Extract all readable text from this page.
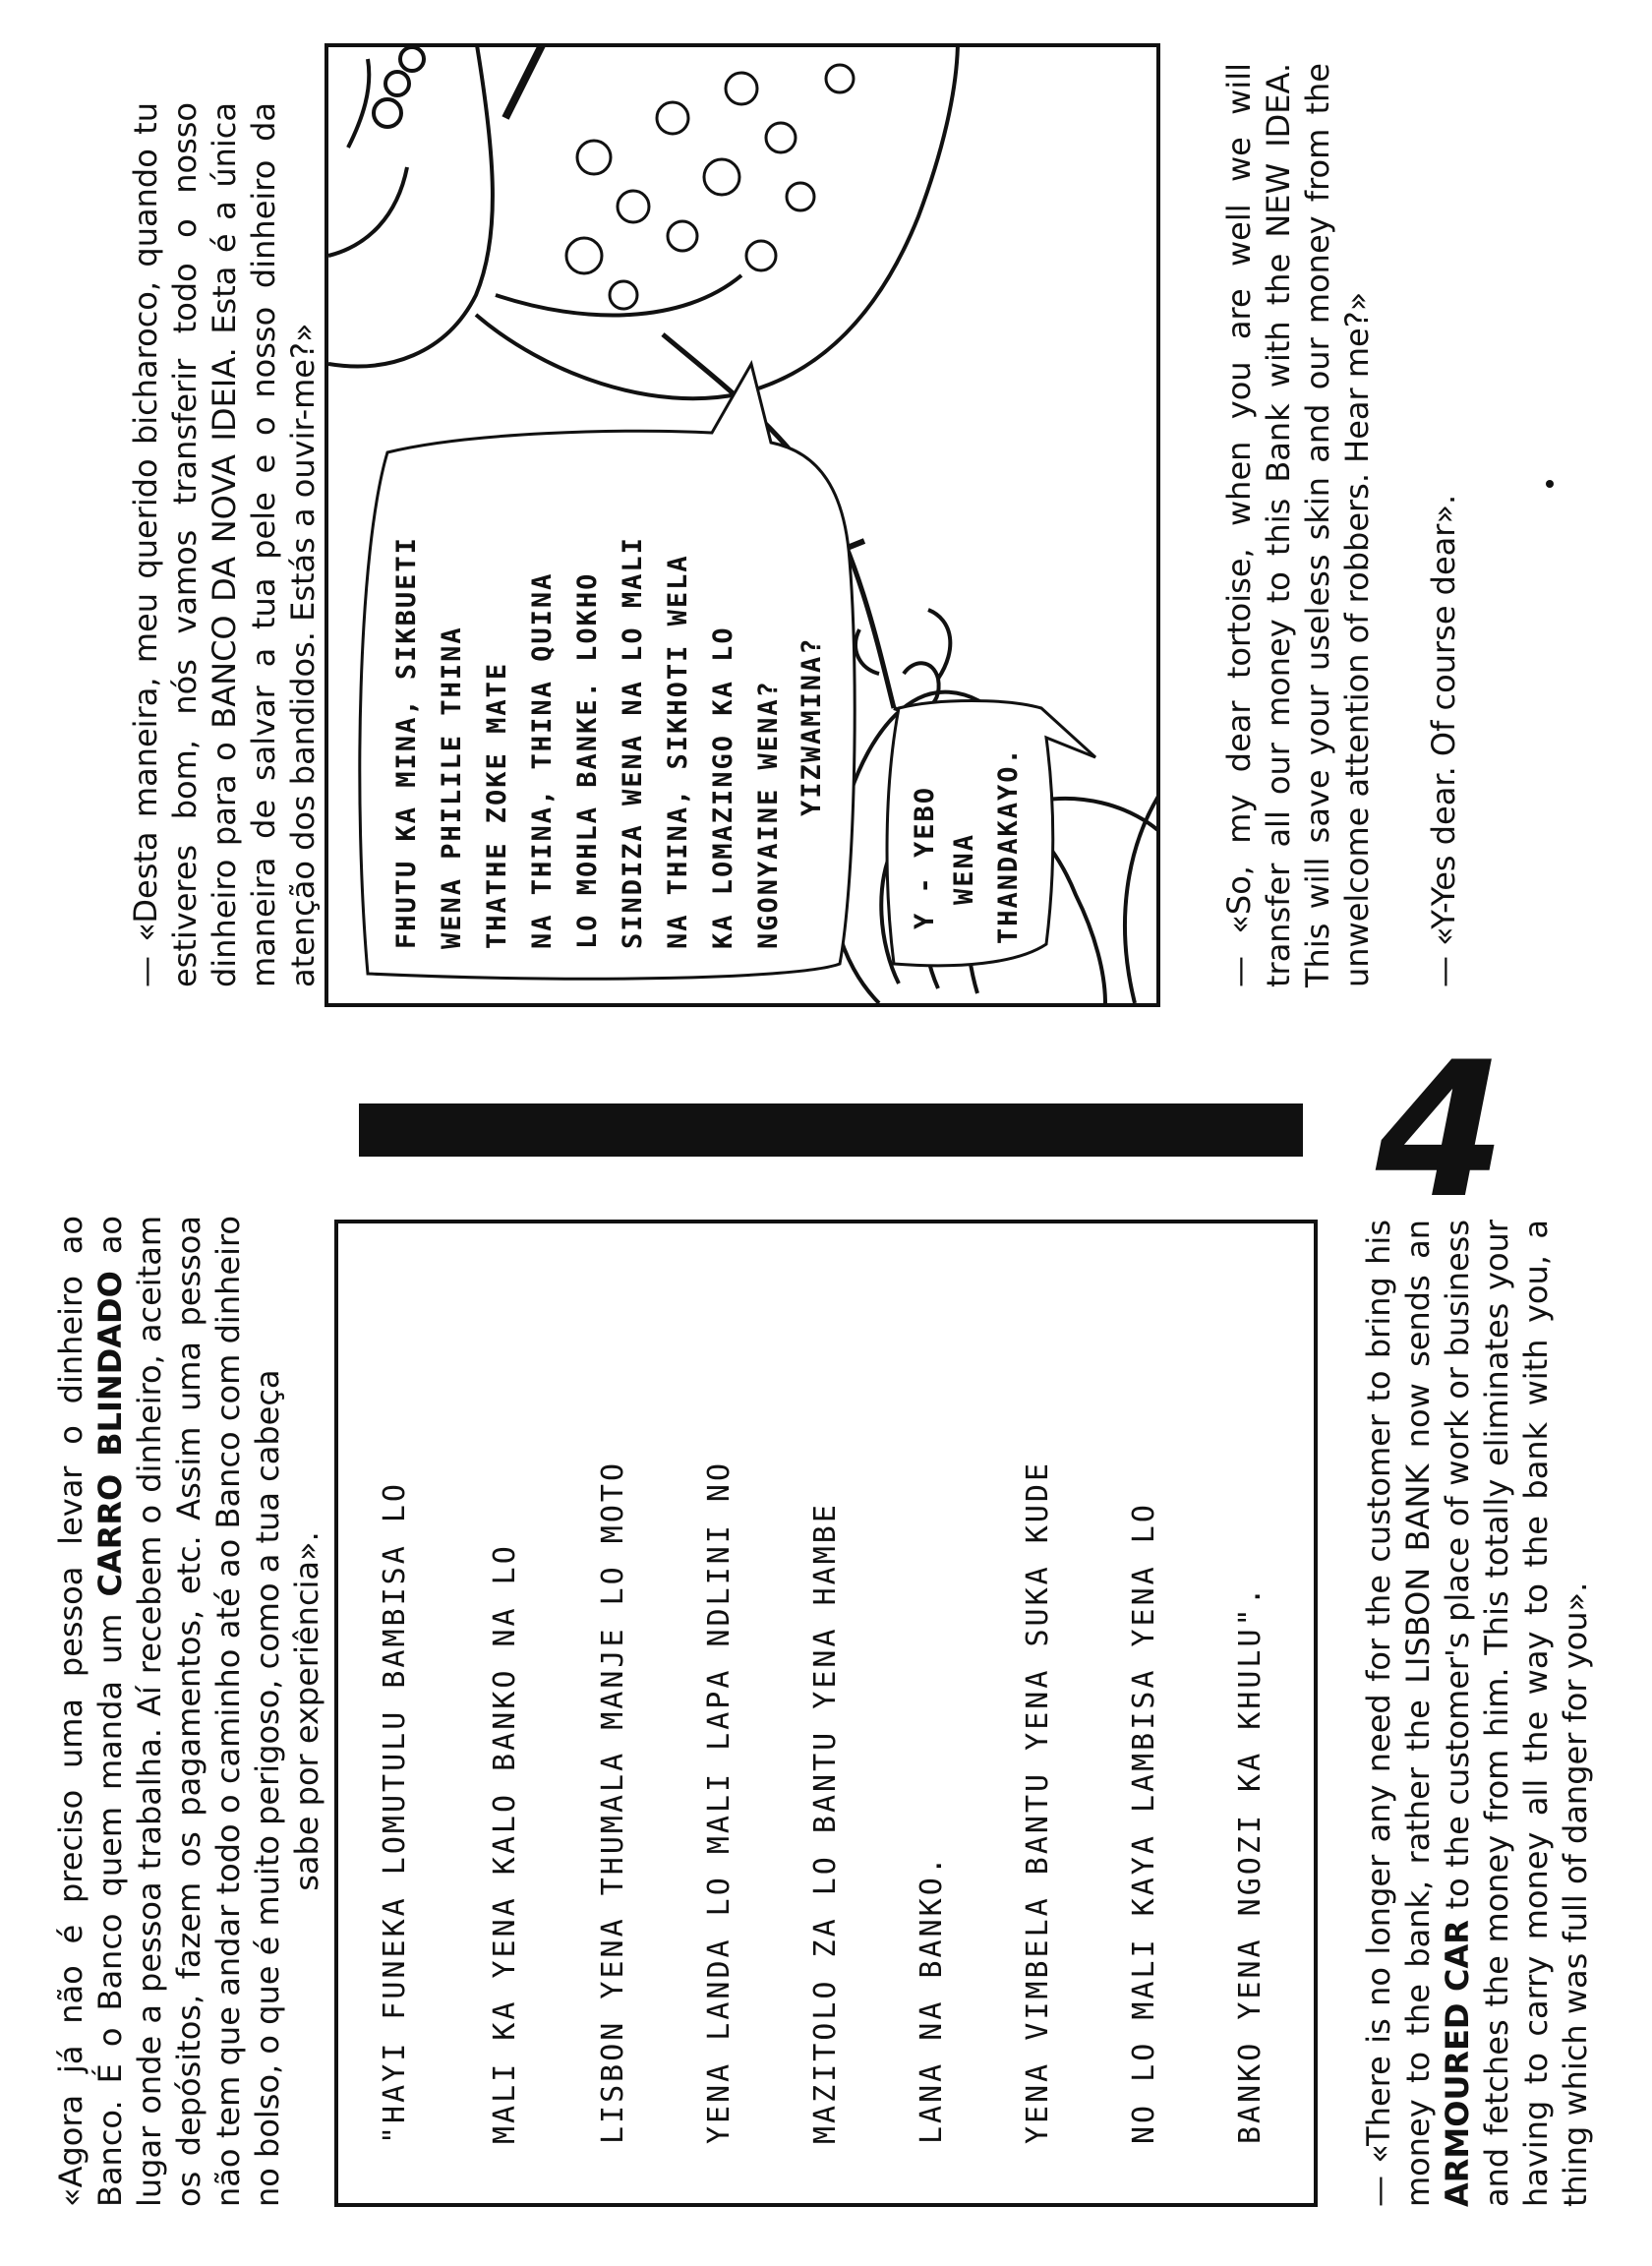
«Agora já não é preciso uma pessoa levar o dinheiro ao Banco. É o Banco quem manda um CARRO BLINDADO ao lugar onde a pessoa trabalha. Aí recebem o dinheiro, aceitam os depósitos, fazem os pagamentos, etc. Assim uma pessoa não tem que andar todo o caminho até ao Banco com dinheiro no bolso, o que é muito perigoso, como a tua cabeça sabe por experiência». "HAYI FUNEKA LOMUTULU BAMBISA LO	MALI KA YENA KALO BANKO NA LO	LISBON YENA THUMALA MANJE LO MOTO YENA LANDA LO MALI LAPA NDLINI NO MAZITOLO ZA LO BANTU YENA HAMBE LANA NA BANKO. YENA VIMBELA BANTU YENA SUKA KUDE NO LO MALI KAYA LAMBISA YENA LO BANKO YENA NGOZI KA KHULU".	— «There is no longer any need for the customer to bring his money to the bank, rather the LISBON BANK now sends an ARMOURED CAR to the customer's place of work or business and fetches the money from him. This totally eliminates your having to carry money all the way to the bank with you, a thing which was full of danger for you».
4
— «Desta maneira, meu querido bicharoco, quando tu estiveres bom, nós vamos transferir todo o nosso dinheiro para o BANCO DA NOVA IDEIA. Esta é a única maneira de salvar a tua pele e o nosso dinheiro da atenção dos bandidos. Estás a ouvir-me?»	FHUTU KA MINA, SIKBUETI WENA PHILILE THINA THATHE ZOKE MATE NA THINA, THINA QUINA LO MOHLA BANKE. LOKHO SINDIZA WENA NA LO MALI NA THINA, SIKHOTI WELA KA LOMAZINGO KA LO NGONYAINE WENA? YIZWAMINA?
Y - YEBO WENA THANDAKAYO.	— «So, my dear tortoise, when you are well we will transfer all our money to this Bank with the NEW IDEA. This will save your useless skin and our money from the unwelcome attention of robbers. Hear me?» — «Y-Yes dear. Of course dear».
